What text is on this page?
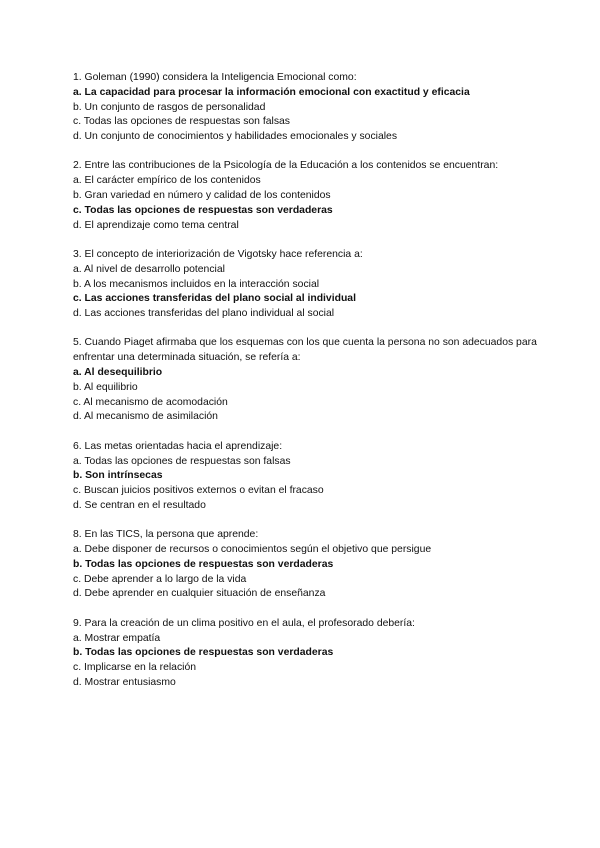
1. Goleman (1990) considera la Inteligencia Emocional como:
a. La capacidad para procesar la información emocional con exactitud y eficacia
b. Un conjunto de rasgos de personalidad
c. Todas las opciones de respuestas son falsas
d. Un conjunto de conocimientos y habilidades emocionales y sociales
2. Entre las contribuciones de la Psicología de la Educación a los contenidos se encuentran:
a. El carácter empírico de los contenidos
b. Gran variedad en número y calidad de los contenidos
c. Todas las opciones de respuestas son verdaderas
d. El aprendizaje como tema central
3. El concepto de interiorización de Vigotsky hace referencia a:
a. Al nivel de desarrollo potencial
b. A los mecanismos incluidos en la interacción social
c. Las acciones transferidas del plano social al individual
d. Las acciones transferidas del plano individual al social
5. Cuando Piaget afirmaba que los esquemas con los que cuenta la persona no son adecuados para enfrentar una determinada situación, se refería a:
a. Al desequilibrio
b. Al equilibrio
c. Al mecanismo de acomodación
d. Al mecanismo de asimilación
6. Las metas orientadas hacia el aprendizaje:
a. Todas las opciones de respuestas son falsas
b. Son intrínsecas
c. Buscan juicios positivos externos o evitan el fracaso
d. Se centran en el resultado
8. En las TICS, la persona que aprende:
a. Debe disponer de recursos o conocimientos según el objetivo que persigue
b. Todas las opciones de respuestas son verdaderas
c. Debe aprender a lo largo de la vida
d. Debe aprender en cualquier situación de enseñanza
9. Para la creación de un clima positivo en el aula, el profesorado debería:
a. Mostrar empatía
b. Todas las opciones de respuestas son verdaderas
c. Implicarse en la relación
d. Mostrar entusiasmo
